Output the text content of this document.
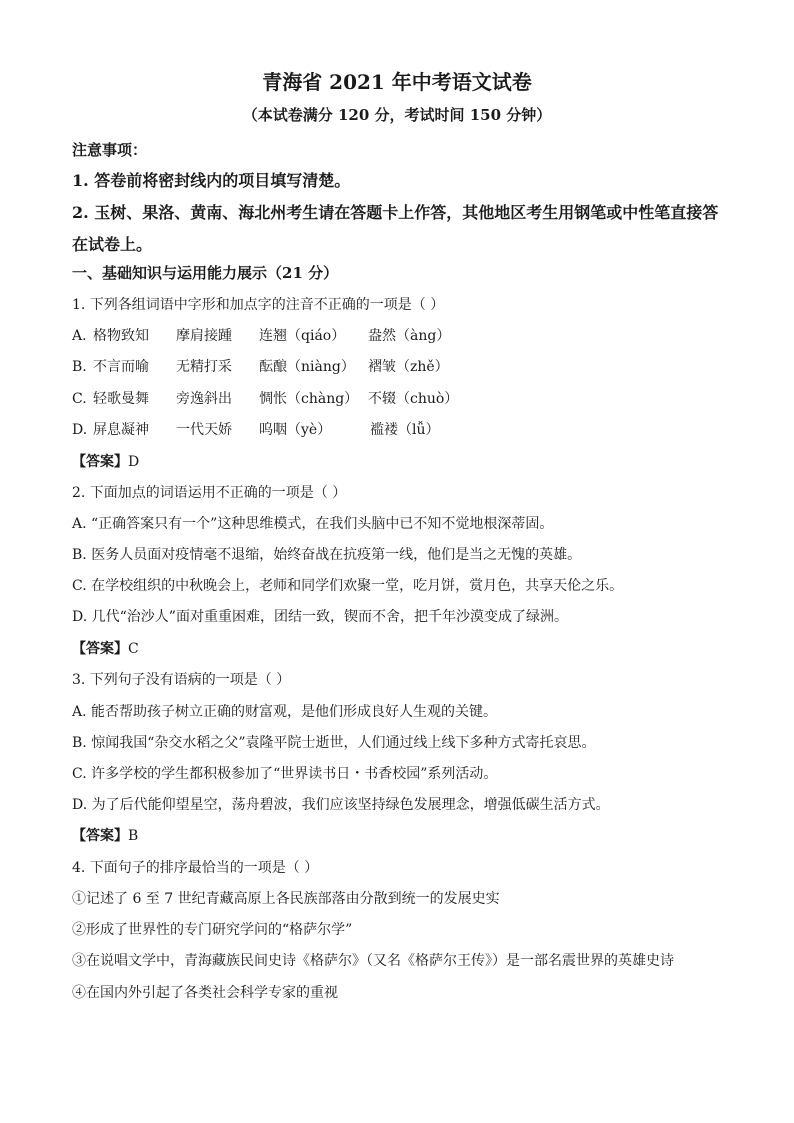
青海省 2021 年中考语文试卷
（本试卷满分 120 分，考试时间 150 分钟）
注意事项：
1. 答卷前将密封线内的项目填写清楚。
2. 玉树、果洛、黄南、海北州考生请在答题卡上作答，其他地区考生用钢笔或中性笔直接答
在试卷上。
一、基础知识与运用能力展示（21 分）
1. 下列各组词语中字形和加点字的注音不正确的一项是（ ）
A. 格物致知 摩肩接踵 连翘（qiáo） 盎然（àng）
B. 不言而喻 无精打采 酝酿（niàng） 褶皱（zhě）
C. 轻歌曼舞 旁逸斜出 惆怅（chàng） 不辍（chuò）
D. 屏息凝神 一代天娇 呜咽（yè）	褴褛（lǚ）
【答案】D
2. 下面加点的词语运用不正确的一项是（ ）
A. “正确答案只有一个”这种思维模式，在我们头脑中已不知不觉地根深蒂固。
B. 医务人员面对疫情毫不退缩，始终奋战在抗疫第一线，他们是当之无愧的英雄。
C. 在学校组织的中秋晚会上，老师和同学们欢聚一堂，吃月饼，赏月色，共享天伦之乐。
D. 几代“治沙人”面对重重困难，团结一致，锲而不舍，把千年沙漠变成了绿洲。
【答案】C
3. 下列句子没有语病的一项是（ ）
A. 能否帮助孩子树立正确的财富观，是他们形成良好人生观的关键。
B. 惊闻我国“杂交水稻之父”袁隆平院士逝世，人们通过线上线下多种方式寄托哀思。
C. 许多学校的学生都积极参加了“世界读书日・书香校园”系列活动。
D. 为了后代能仰望星空，荡舟碧波，我们应该坚持绿色发展理念，增强低碳生活方式。
【答案】B
4. 下面句子的排序最恰当的一项是（ ）
①记述了 6 至 7 世纪青藏高原上各民族部落由分散到统一的发展史实
②形成了世界性的专门研究学问的“格萨尔学”
③在说唱文学中，青海藏族民间史诗《格萨尔》（又名《格萨尔王传》）是一部名震世界的英雄史诗
④在国内外引起了各类社会科学专家的重视
